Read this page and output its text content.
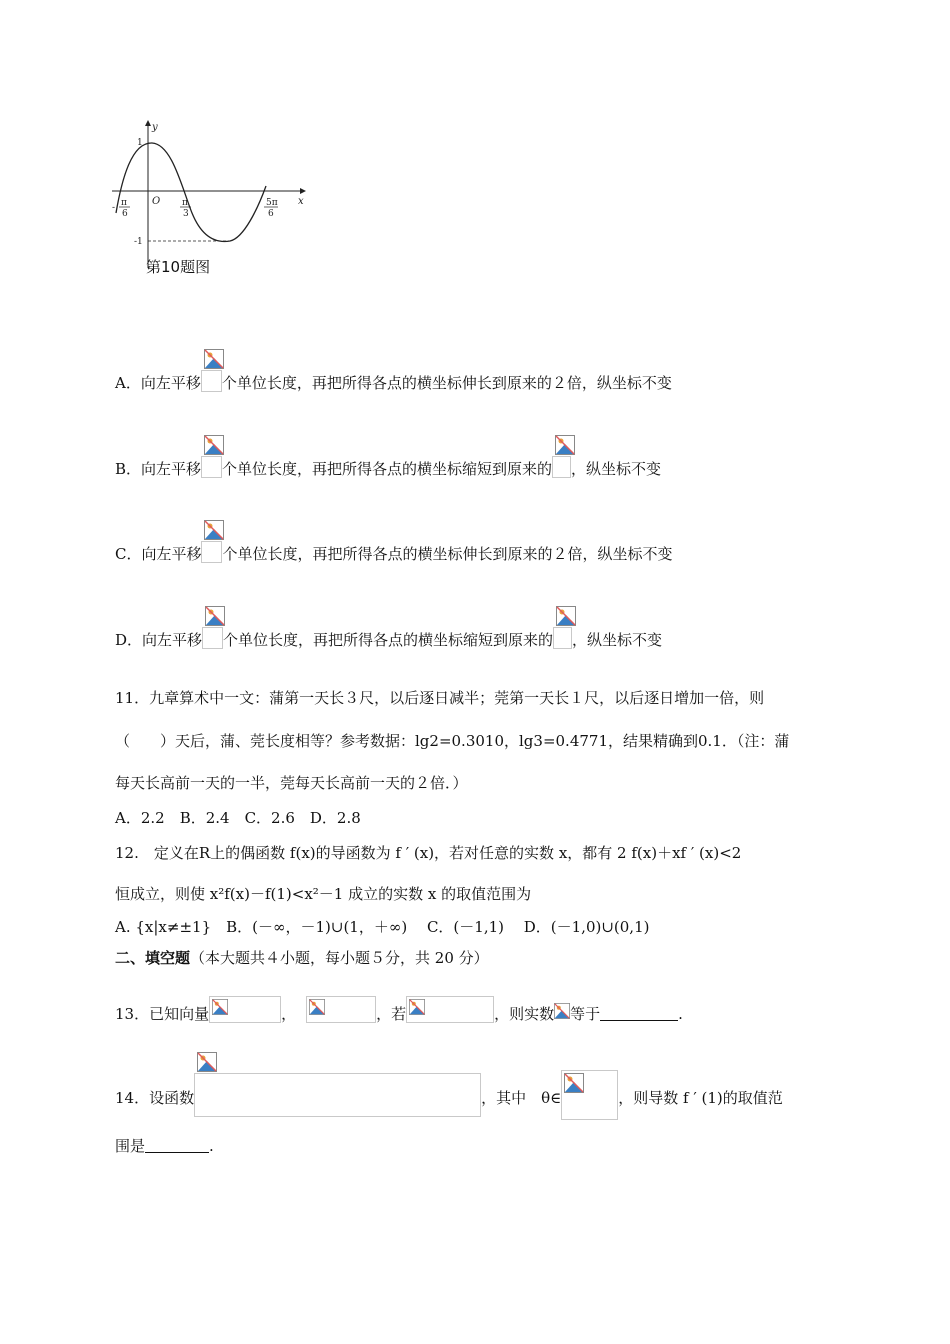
y
x
O
1
-1
- π
6
π
3
5π
6
第10题图
A．向左平移 个单位长度，再把所得各点的横坐标伸长到原来的２倍，纵坐标不变
B．向左平移 个单位长度，再把所得各点的横坐标缩短到原来的 ，纵坐标不变
C．向左平移 个单位长度，再把所得各点的横坐标伸长到原来的２倍，纵坐标不变
D．向左平移 个单位长度，再把所得各点的横坐标缩短到原来的 ，纵坐标不变
11．九章算术中一文：蒲第一天长３尺，以后逐日减半；莞第一天长１尺，以后逐日增加一倍，则
（　　）天后，蒲、莞长度相等？参考数据：lg2=0.3010，lg3=0.4771，结果精确到0.1．（注：蒲
每天长高前一天的一半，莞每天长高前一天的２倍．）
A．2.2　B．2.4　C．2.6　D．2.8
12.　定义在R上的偶函数 f(x)的导函数为 f ′ (x)，若对任意的实数 x，都有 2 f(x)＋xf ′ (x)<2
恒成立，则使 x²f(x)－f(1)<x²－1 成立的实数 x 的取值范围为
A. {x|x≠±1}　B．(－∞，－1)∪(1，＋∞)　 C．(－1,1)　 D．(－1,0)∪(0,1)
二、填空题（本大题共４小题，每小题５分，共 20 分）
13．已知向量	，	，若	，则实数 等于	.
14．设函数	，其中　θ∈	，则导数 f ′ (1)的取值范
围是	.
